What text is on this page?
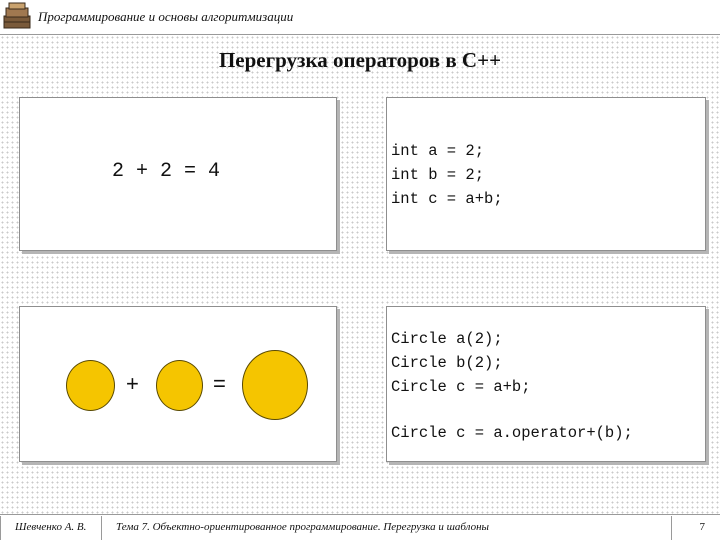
Программирование и основы алгоритмизации
Перегрузка операторов в C++
2 + 2 = 4
int a = 2;
int b = 2;
int c = a+b;
+	=
Circle a(2);
Circle b(2);
Circle c = a+b;
Circle c = a.operator+(b);
Шевченко А. В.	Тема 7. Объектно-ориентированное программирование. Перегрузка и шаблоны	7
